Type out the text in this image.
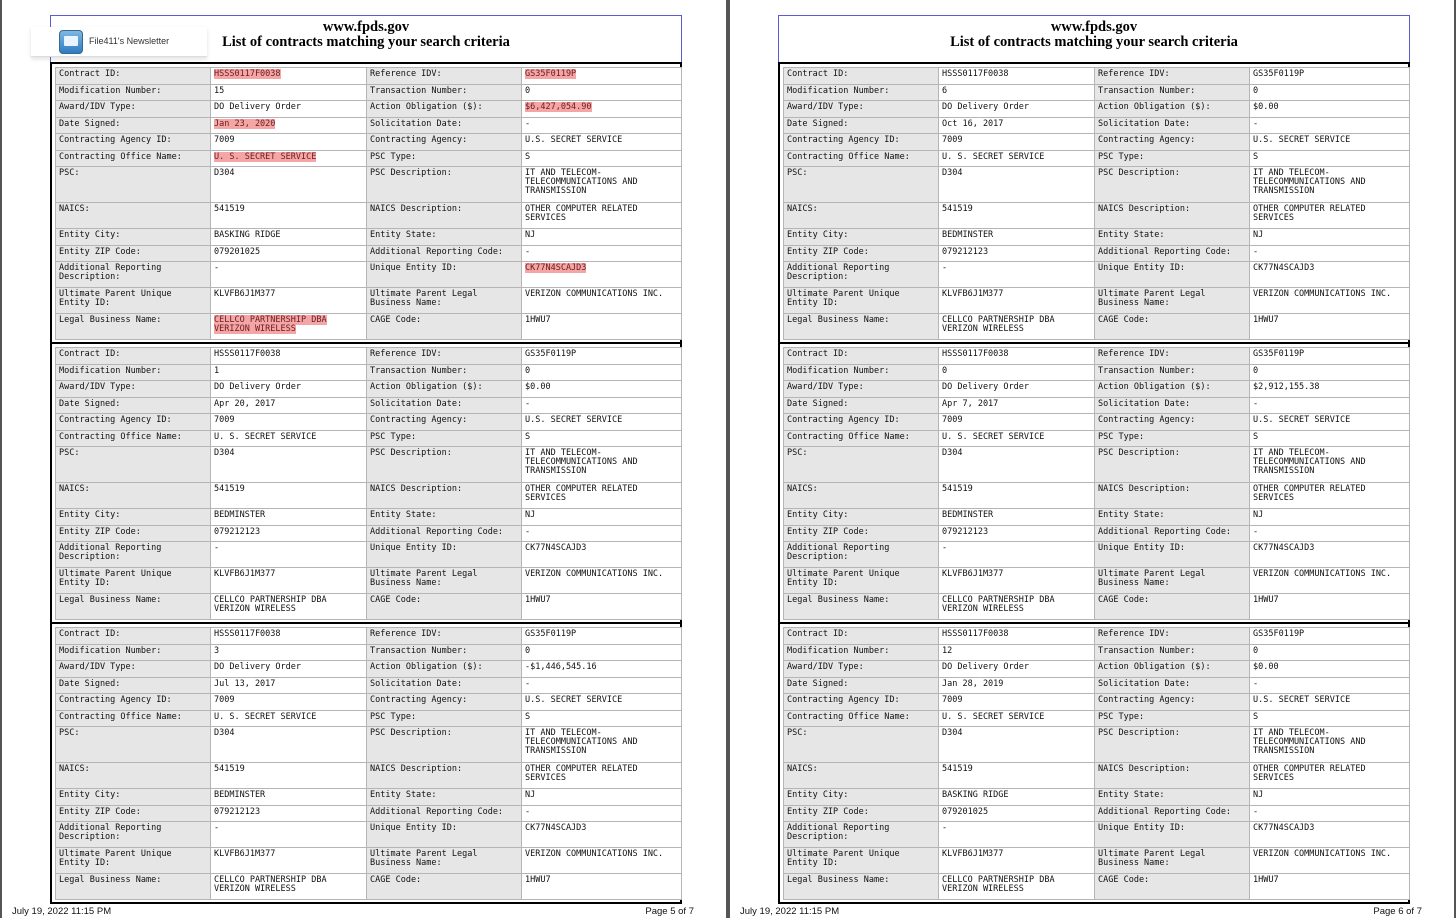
www.fpds.gov
List of contracts matching your search criteria
File411's Newsletter
Contract ID:	HSSS0117F0038	Reference IDV:	GS35F0119P
Modification Number:	15	Transaction Number:	0
Award/IDV Type:	DO Delivery Order	Action Obligation ($):	$6,427,054.90
Date Signed:	Jan 23, 2020	Solicitation Date:	-
Contracting Agency ID:	7009	Contracting Agency:	U.S. SECRET SERVICE
Contracting Office Name:	U. S. SECRET SERVICE	PSC Type:	S
PSC:	D304	PSC Description:	IT AND TELECOM- TELECOMMUNICATIONS AND TRANSMISSION
NAICS:	541519	NAICS Description:	OTHER COMPUTER RELATED SERVICES
Entity City:	BASKING RIDGE	Entity State:	NJ
Entity ZIP Code:	079201025	Additional Reporting Code:	-
Additional Reporting Description:	-	Unique Entity ID:	CK77N4SCAJD3
Ultimate Parent Unique Entity ID:	KLVFB6J1M377	Ultimate Parent Legal Business Name:	VERIZON COMMUNICATIONS INC.
Legal Business Name:	CELLCO PARTNERSHIP DBA VERIZON WIRELESS	CAGE Code:	1HWU7
Contract ID:	HSSS0117F0038	Reference IDV:	GS35F0119P
Modification Number:	1	Transaction Number:	0
Award/IDV Type:	DO Delivery Order	Action Obligation ($):	$0.00
Date Signed:	Apr 20, 2017	Solicitation Date:	-
Contracting Agency ID:	7009	Contracting Agency:	U.S. SECRET SERVICE
Contracting Office Name:	U. S. SECRET SERVICE	PSC Type:	S
PSC:	D304	PSC Description:	IT AND TELECOM- TELECOMMUNICATIONS AND TRANSMISSION
NAICS:	541519	NAICS Description:	OTHER COMPUTER RELATED SERVICES
Entity City:	BEDMINSTER	Entity State:	NJ
Entity ZIP Code:	079212123	Additional Reporting Code:	-
Additional Reporting Description:	-	Unique Entity ID:	CK77N4SCAJD3
Ultimate Parent Unique Entity ID:	KLVFB6J1M377	Ultimate Parent Legal Business Name:	VERIZON COMMUNICATIONS INC.
Legal Business Name:	CELLCO PARTNERSHIP DBA VERIZON WIRELESS	CAGE Code:	1HWU7
Contract ID:	HSSS0117F0038	Reference IDV:	GS35F0119P
Modification Number:	3	Transaction Number:	0
Award/IDV Type:	DO Delivery Order	Action Obligation ($):	-$1,446,545.16
Date Signed:	Jul 13, 2017	Solicitation Date:	-
Contracting Agency ID:	7009	Contracting Agency:	U.S. SECRET SERVICE
Contracting Office Name:	U. S. SECRET SERVICE	PSC Type:	S
PSC:	D304	PSC Description:	IT AND TELECOM- TELECOMMUNICATIONS AND TRANSMISSION
NAICS:	541519	NAICS Description:	OTHER COMPUTER RELATED SERVICES
Entity City:	BEDMINSTER	Entity State:	NJ
Entity ZIP Code:	079212123	Additional Reporting Code:	-
Additional Reporting Description:	-	Unique Entity ID:	CK77N4SCAJD3
Ultimate Parent Unique Entity ID:	KLVFB6J1M377	Ultimate Parent Legal Business Name:	VERIZON COMMUNICATIONS INC.
Legal Business Name:	CELLCO PARTNERSHIP DBA VERIZON WIRELESS	CAGE Code:	1HWU7
July 19, 2022 11:15 PM	Page 5 of 7
www.fpds.gov
List of contracts matching your search criteria
Contract ID:	HSSS0117F0038	Reference IDV:	GS35F0119P
Modification Number:	6	Transaction Number:	0
Award/IDV Type:	DO Delivery Order	Action Obligation ($):	$0.00
Date Signed:	Oct 16, 2017	Solicitation Date:	-
Contracting Agency ID:	7009	Contracting Agency:	U.S. SECRET SERVICE
Contracting Office Name:	U. S. SECRET SERVICE	PSC Type:	S
PSC:	D304	PSC Description:	IT AND TELECOM- TELECOMMUNICATIONS AND TRANSMISSION
NAICS:	541519	NAICS Description:	OTHER COMPUTER RELATED SERVICES
Entity City:	BEDMINSTER	Entity State:	NJ
Entity ZIP Code:	079212123	Additional Reporting Code:	-
Additional Reporting Description:	-	Unique Entity ID:	CK77N4SCAJD3
Ultimate Parent Unique Entity ID:	KLVFB6J1M377	Ultimate Parent Legal Business Name:	VERIZON COMMUNICATIONS INC.
Legal Business Name:	CELLCO PARTNERSHIP DBA VERIZON WIRELESS	CAGE Code:	1HWU7
Contract ID:	HSSS0117F0038	Reference IDV:	GS35F0119P
Modification Number:	0	Transaction Number:	0
Award/IDV Type:	DO Delivery Order	Action Obligation ($):	$2,912,155.38
Date Signed:	Apr 7, 2017	Solicitation Date:	-
Contracting Agency ID:	7009	Contracting Agency:	U.S. SECRET SERVICE
Contracting Office Name:	U. S. SECRET SERVICE	PSC Type:	S
PSC:	D304	PSC Description:	IT AND TELECOM- TELECOMMUNICATIONS AND TRANSMISSION
NAICS:	541519	NAICS Description:	OTHER COMPUTER RELATED SERVICES
Entity City:	BEDMINSTER	Entity State:	NJ
Entity ZIP Code:	079212123	Additional Reporting Code:	-
Additional Reporting Description:	-	Unique Entity ID:	CK77N4SCAJD3
Ultimate Parent Unique Entity ID:	KLVFB6J1M377	Ultimate Parent Legal Business Name:	VERIZON COMMUNICATIONS INC.
Legal Business Name:	CELLCO PARTNERSHIP DBA VERIZON WIRELESS	CAGE Code:	1HWU7
Contract ID:	HSSS0117F0038	Reference IDV:	GS35F0119P
Modification Number:	12	Transaction Number:	0
Award/IDV Type:	DO Delivery Order	Action Obligation ($):	$0.00
Date Signed:	Jan 28, 2019	Solicitation Date:	-
Contracting Agency ID:	7009	Contracting Agency:	U.S. SECRET SERVICE
Contracting Office Name:	U. S. SECRET SERVICE	PSC Type:	S
PSC:	D304	PSC Description:	IT AND TELECOM- TELECOMMUNICATIONS AND TRANSMISSION
NAICS:	541519	NAICS Description:	OTHER COMPUTER RELATED SERVICES
Entity City:	BASKING RIDGE	Entity State:	NJ
Entity ZIP Code:	079201025	Additional Reporting Code:	-
Additional Reporting Description:	-	Unique Entity ID:	CK77N4SCAJD3
Ultimate Parent Unique Entity ID:	KLVFB6J1M377	Ultimate Parent Legal Business Name:	VERIZON COMMUNICATIONS INC.
Legal Business Name:	CELLCO PARTNERSHIP DBA VERIZON WIRELESS	CAGE Code:	1HWU7
July 19, 2022 11:15 PM	Page 6 of 7
